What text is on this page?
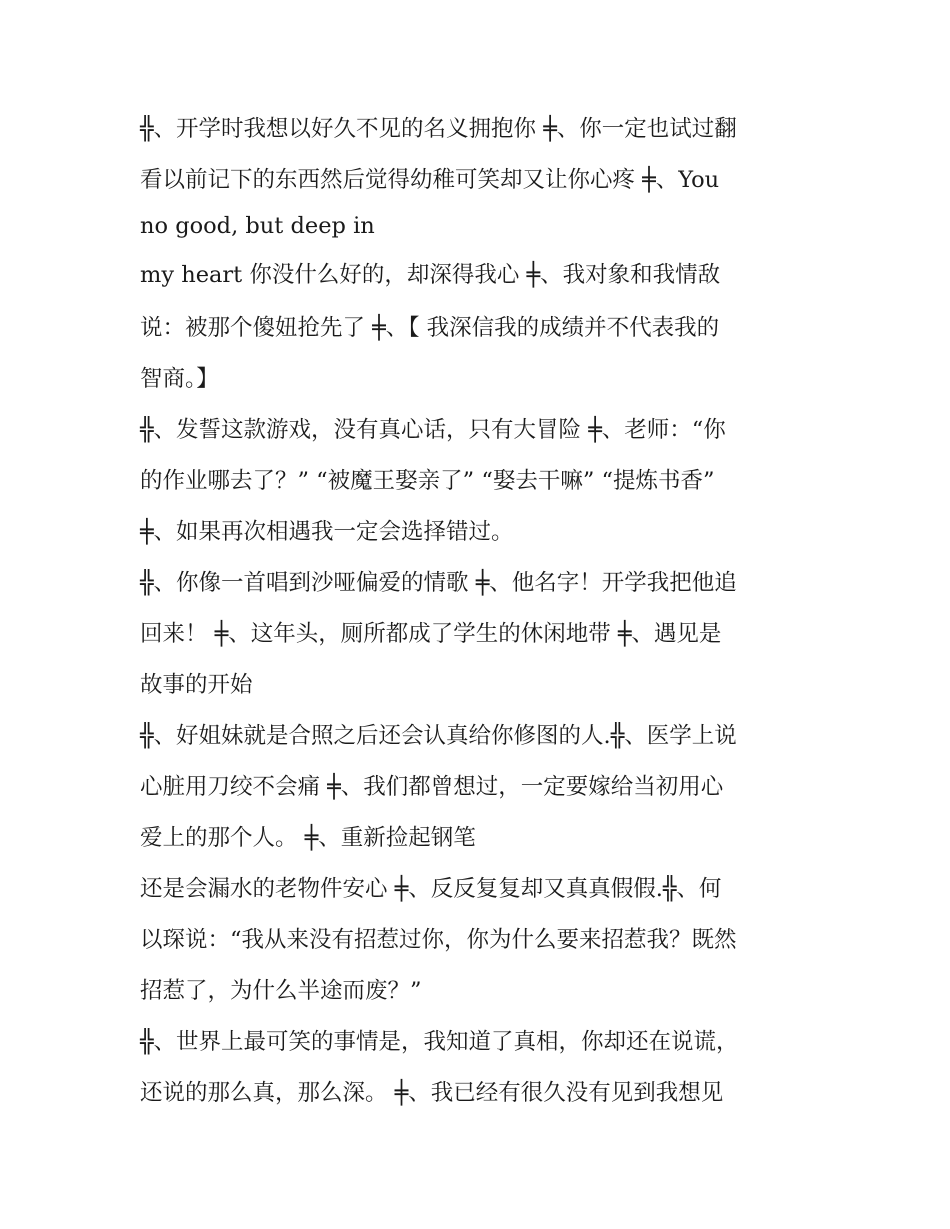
╬、开学时我想以好久不见的名义拥抱你 ╪、你一定也试过翻
看以前记下的东西然后觉得幼稚可笑却又让你心疼 ╪、You
no good, but deep in
my heart 你没什么好的，却深得我心 ╪、我对象和我情敌
说：被那个傻妞抢先了 ╪、【 我深信我的成绩并不代表我的
智商。】
╬、发誓这款游戏，没有真心话，只有大冒险 ╪、老师：“你
的作业哪去了？” “被魔王娶亲了” “娶去干嘛” “提炼书香”
╪、如果再次相遇我一定会选择错过。
╬、你像一首唱到沙哑偏爱的情歌 ╪、他名字！开学我把他追
回来！ ╪、这年头，厕所都成了学生的休闲地带 ╪、遇见是
故事的开始
╬、好姐妹就是合照之后还会认真给你修图的人.╬、医学上说
心脏用刀绞不会痛 ╪、我们都曾想过，一定要嫁给当初用心
爱上的那个人。 ╪、重新捡起钢笔
还是会漏水的老物件安心 ╪、反反复复却又真真假假.╬、何
以琛说：“我从来没有招惹过你，你为什么要来招惹我？既然
招惹了，为什么半途而废？”
╬、世界上最可笑的事情是，我知道了真相，你却还在说谎，
还说的那么真，那么深。 ╪、我已经有很久没有见到我想见
